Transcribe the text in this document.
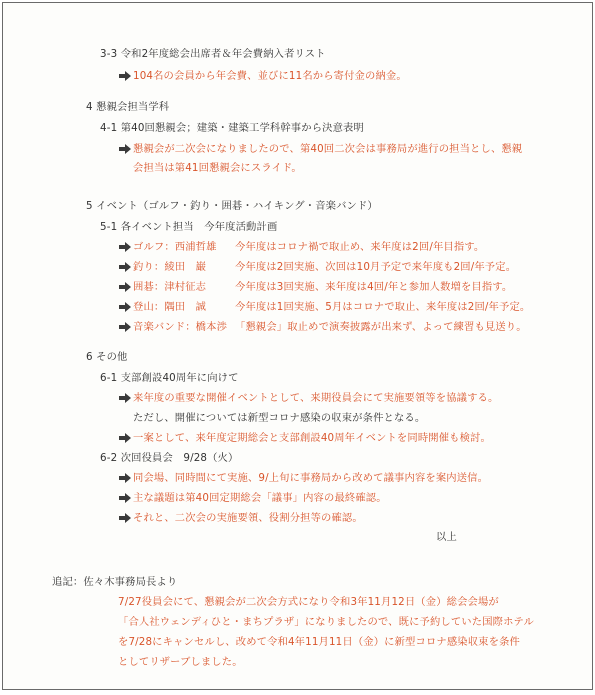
3-3 令和2年度総会出席者＆年会費納入者リスト
104名の会員から年会費、並びに11名から寄付金の納金。
4 懇親会担当学科
4-1 第40回懇親会；建築・建築工学科幹事から決意表明
懇親会が二次会になりましたので、第40回二次会は事務局が進行の担当とし、懇親
会担当は第41回懇親会にスライド。
5 イベント（ゴルフ・釣り・囲碁・ハイキング・音楽バンド）
5-1 各イベント担当　今年度活動計画
ゴルフ：西浦哲雄 今年度はコロナ禍で取止め、来年度は2回/年目指す。
釣り：綾田　巌	今年度は2回実施、次回は10月予定で来年度も2回/年予定。
囲碁：津村征志	今年度は3回実施、来年度は4回/年と参加人数増を目指す。
登山：隅田　誠	今年度は1回実施、5月はコロナで取止、来年度は2回/年予定。
音楽バンド：橋本渉 「懇親会」取止めで演奏披露が出来ず、よって練習も見送り。
6 その他
6-1 支部創設40周年に向けて
来年度の重要な開催イベントとして、来期役員会にて実施要領等を協議する。
ただし、開催については新型コロナ感染の収束が条件となる。
一案として、来年度定期総会と支部創設40周年イベントを同時開催も検討。
6-2 次回役員会　9/28（火）
同会場、同時間にて実施、9/上旬に事務局から改めて議事内容を案内送信。
主な議題は第40回定期総会「議事」内容の最終確認。
それと、二次会の実施要領、役割分担等の確認。
以上
追記：佐々木事務局長より
7/27役員会にて、懇親会が二次会方式になり令和3年11月12日（金）総会会場が
「合人社ウェンディひと・まちプラザ」になりましたので、既に予約していた国際ホテル
を7/28にキャンセルし、改めて令和4年11月11日（金）に新型コロナ感染収束を条件
としてリザーブしました。
